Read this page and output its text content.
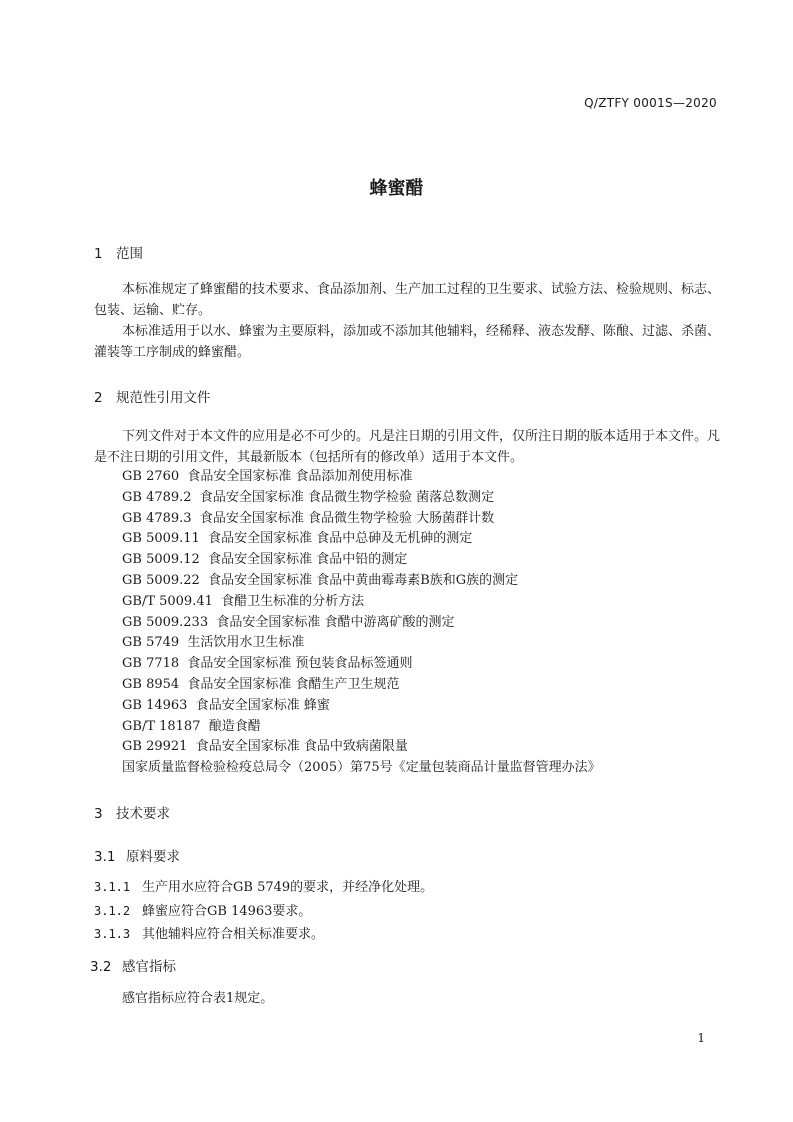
Q/ZTFY 0001S—2020
蜂蜜醋
1 范围

本标准规定了蜂蜜醋的技术要求、食品添加剂、生产加工过程的卫生要求、试验方法、检验规则、标志、包装、运输、贮存。

本标准适用于以水、蜂蜜为主要原料，添加或不添加其他辅料，经稀释、液态发酵、陈酿、过滤、杀菌、灌装等工序制成的蜂蜜醋。

2 规范性引用文件

下列文件对于本文件的应用是必不可少的。凡是注日期的引用文件，仅所注日期的版本适用于本文件。凡是不注日期的引用文件，其最新版本（包括所有的修改单）适用于本文件。

GB 2760 食品安全国家标准 食品添加剂使用标准
GB 4789.2 食品安全国家标准 食品微生物学检验 菌落总数测定
GB 4789.3 食品安全国家标准 食品微生物学检验 大肠菌群计数
GB 5009.11 食品安全国家标准 食品中总砷及无机砷的测定
GB 5009.12 食品安全国家标准 食品中铅的测定
GB 5009.22 食品安全国家标准 食品中黄曲霉毒素B族和G族的测定
GB/T 5009.41 食醋卫生标准的分析方法
GB 5009.233 食品安全国家标准 食醋中游离矿酸的测定
GB 5749 生活饮用水卫生标准
GB 7718 食品安全国家标准 预包装食品标签通则
GB 8954 食品安全国家标准 食醋生产卫生规范
GB 14963 食品安全国家标准 蜂蜜
GB/T 18187 酿造食醋
GB 29921 食品安全国家标准 食品中致病菌限量
国家质量监督检验检疫总局令（2005）第75号《定量包装商品计量监督管理办法》
3 技术要求
3.1 原料要求
3.1.1 生产用水应符合GB 5749的要求，并经净化处理。
3.1.2 蜂蜜应符合GB 14963要求。
3.1.3 其他辅料应符合相关标准要求。
3.2 感官指标
感官指标应符合表1规定。
1
